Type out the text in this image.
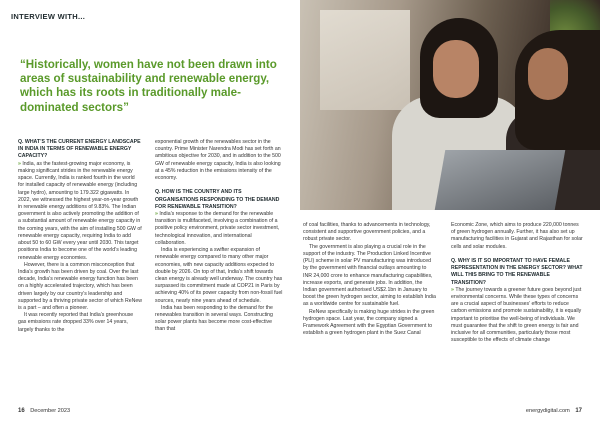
INTERVIEW WITH...
“Historically, women have not been drawn into areas of sustainability and renewable energy, which has its roots in traditionally male-dominated sectors”

Q. WHAT’S THE CURRENT ENERGY LANDSCAPE IN INDIA IN TERMS OF RENEWABLE ENERGY CAPACITY?

» India, as the fastest-growing major economy, is making significant strides in the renewable energy space. Currently, India is ranked fourth in the world for installed capacity of renewable energy (including large hydro), amounting to 179.322 gigawatts. In 2022, we witnessed the highest year-on-year growth in renewable energy additions of 9.83%. The Indian government is also actively promoting the addition of a substantial amount of renewable energy capacity in the coming years, with the aim of installing 500 GW of renewable energy capacity, requiring India to add about 50 to 60 GW every year until 2030. This target positions India to become one of the world’s leading renewable energy economies.

However, there is a common misconception that India’s growth has been driven by coal. Over the last decade, India’s renewable energy function has been on a highly accelerated trajectory, which has been driven largely by our country’s leadership and supported by a thriving private sector of which ReNew is a part – and often a pioneer.

It was recently reported that India’s greenhouse gas emissions rate dropped 33% over 14 years, largely thanks to the

exponential growth of the renewables sector in the country. Prime Minister Narendra Modi has set forth an ambitious objective for 2030, and in addition to the 500 GW of renewable energy capacity, India is also looking at a 45% reduction in the emissions intensity of the economy.

Q. HOW IS THE COUNTRY AND ITS ORGANISATIONS RESPONDING TO THE DEMAND FOR RENEWABLE TRANSITION?

» India’s response to the demand for the renewable transition is multifaceted, involving a combination of a positive policy environment, private sector investment, technological innovation, and international collaboration.

India is experiencing a swifter expansion of renewable energy compared to many other major economies, with new capacity additions expected to double by 2026. On top of that, India’s shift towards clean energy is already well underway. The country has surpassed its commitment made at COP21 in Paris by achieving 40% of its power capacity from non-fossil fuel sources, nearly nine years ahead of schedule.

India has been responding to the demand for the renewables transition in several ways. Constructing solar power plants has become more cost-effective than that

of coal facilities, thanks to advancements in technology, consistent and supportive government policies, and a robust private sector.

The government is also playing a crucial role in the support of the industry. The Production Linked Incentive (PLI) scheme in solar PV manufacturing was introduced by the government with financial outlays amounting to INR 24,000 crore to enhance manufacturing capabilities, increase exports, and generate jobs. In addition, the Indian government authorised US$2.1bn in January to boost the green hydrogen sector, aiming to establish India as a worldwide centre for sustainable fuel.

ReNew specifically is making huge strides in the green hydrogen space. Last year, the company signed a Framework Agreement with the Egyptian Government to establish a green hydrogen plant in the Suez Canal

Economic Zone, which aims to produce 220,000 tonnes of green hydrogen annually. Further, it has also set up manufacturing facilities in Gujarat and Rajasthan for solar cells and solar modules.

Q. WHY IS IT SO IMPORTANT TO HAVE FEMALE REPRESENTATION IN THE ENERGY SECTOR? WHAT WILL THIS BRING TO THE RENEWABLE TRANSITION?

» The journey towards a greener future goes beyond just environmental concerns. While these types of concerns are a crucial aspect of businesses’ efforts to reduce carbon emissions and promote sustainability, it is equally important to prioritise the well-being of individuals. We must guarantee that the shift to green energy is fair and inclusive for all communities, particularly those most susceptible to the effects of climate change

16 December 2023	energydigital.com 17
